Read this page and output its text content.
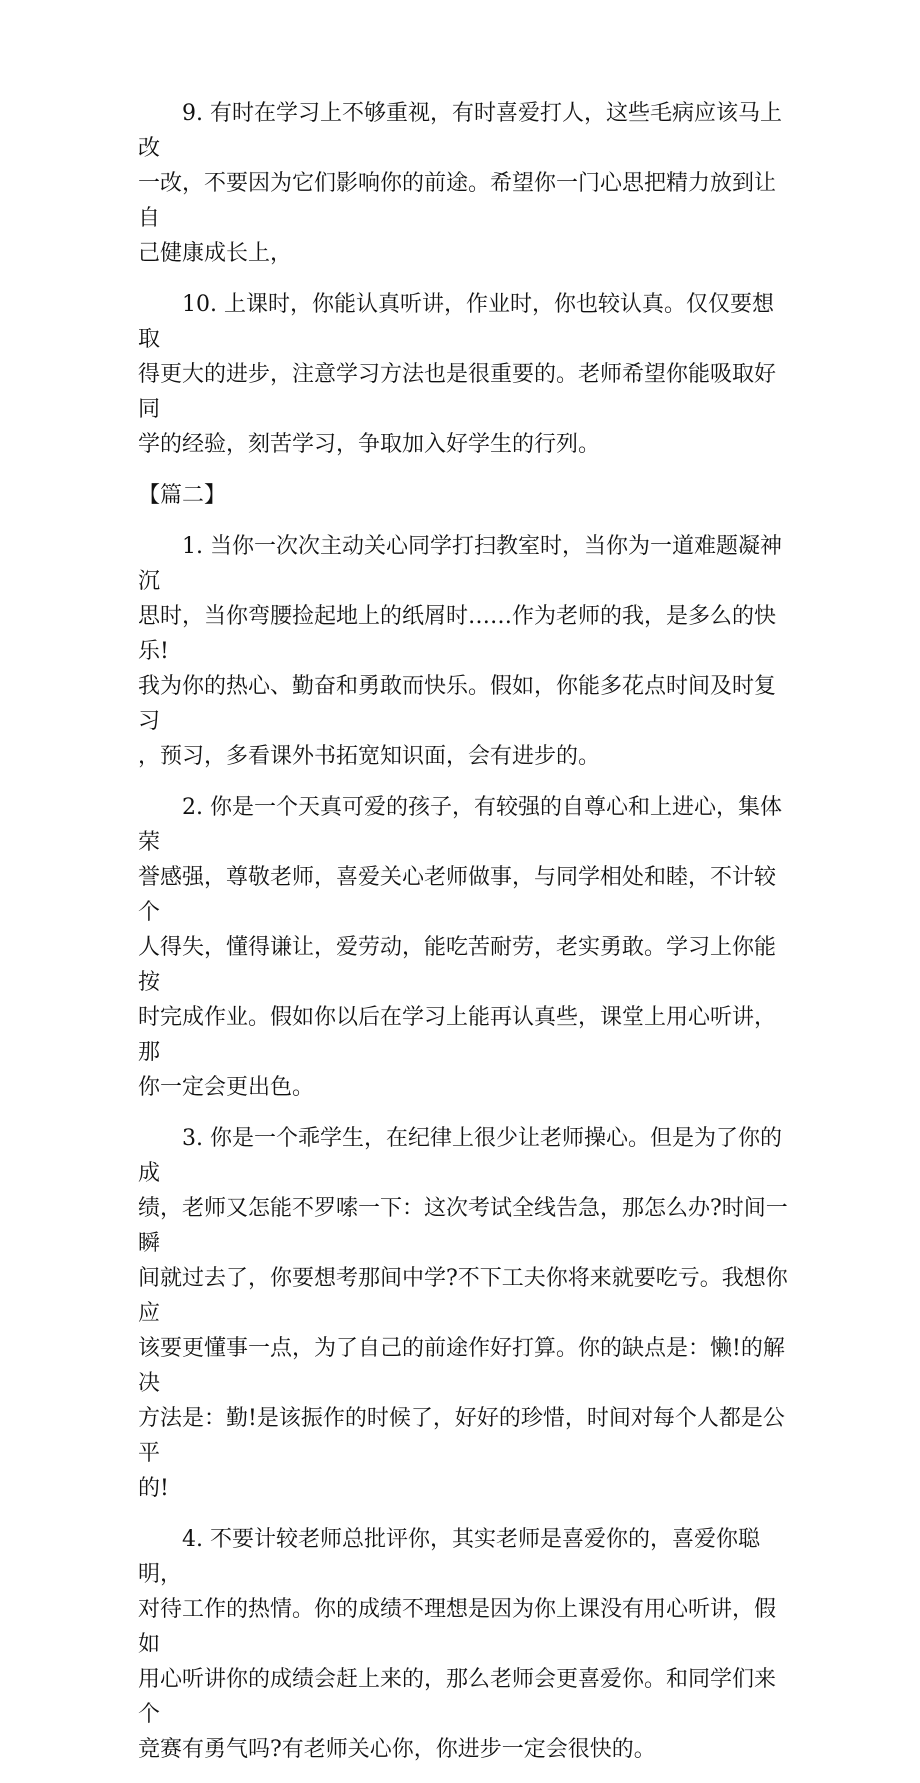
9. 有时在学习上不够重视，有时喜爱打人，这些毛病应该马上改
一改，不要因为它们影响你的前途。希望你一门心思把精力放到让自
己健康成长上，
10. 上课时，你能认真听讲，作业时，你也较认真。仅仅要想取
得更大的进步，注意学习方法也是很重要的。老师希望你能吸取好同
学的经验，刻苦学习，争取加入好学生的行列。
【篇二】
1. 当你一次次主动关心同学打扫教室时，当你为一道难题凝神沉
思时，当你弯腰捡起地上的纸屑时……作为老师的我，是多么的快乐!
我为你的热心、勤奋和勇敢而快乐。假如，你能多花点时间及时复习
，预习，多看课外书拓宽知识面，会有进步的。
2. 你是一个天真可爱的孩子，有较强的自尊心和上进心，集体荣
誉感强，尊敬老师，喜爱关心老师做事，与同学相处和睦，不计较个
人得失，懂得谦让，爱劳动，能吃苦耐劳，老实勇敢。学习上你能按
时完成作业。假如你以后在学习上能再认真些，课堂上用心听讲，那
你一定会更出色。
3. 你是一个乖学生，在纪律上很少让老师操心。但是为了你的成
绩，老师又怎能不罗嗦一下：这次考试全线告急，那怎么办?时间一瞬
间就过去了，你要想考那间中学?不下工夫你将来就要吃亏。我想你应
该要更懂事一点，为了自己的前途作好打算。你的缺点是：懒!的解决
方法是：勤!是该振作的时候了，好好的珍惜，时间对每个人都是公平
的!
4. 不要计较老师总批评你，其实老师是喜爱你的，喜爱你聪明，
对待工作的热情。你的成绩不理想是因为你上课没有用心听讲，假如
用心听讲你的成绩会赶上来的，那么老师会更喜爱你。和同学们来个
竞赛有勇气吗?有老师关心你，你进步一定会很快的。
